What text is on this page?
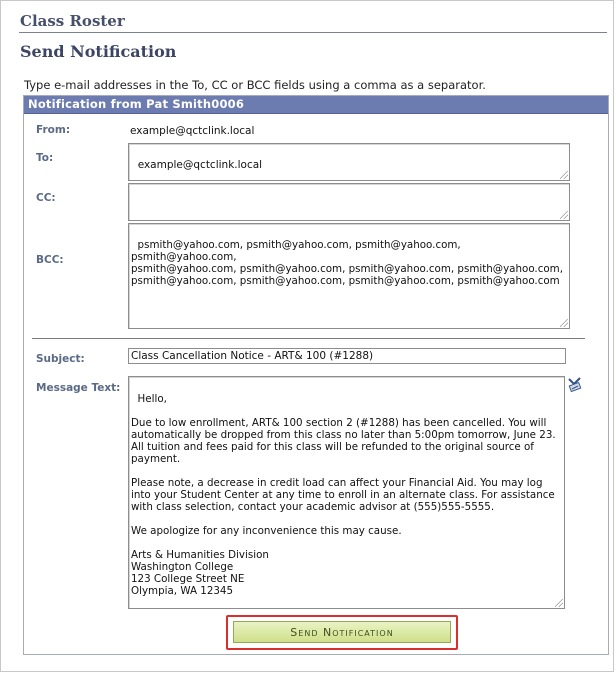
Class Roster
Send Notification
Type e-mail addresses in the To, CC or BCC fields using a comma as a separator.
Notification from Pat Smith0006
From:	example@qctclink.local
To:

example@qctclink.local

CC:

BCC:

psmith@yahoo.com, psmith@yahoo.com, psmith@yahoo.com, psmith@yahoo.com,
psmith@yahoo.com, psmith@yahoo.com, psmith@yahoo.com, psmith@yahoo.com,
psmith@yahoo.com, psmith@yahoo.com, psmith@yahoo.com, psmith@yahoo.com

Subject:	Class Cancellation Notice - ART& 100 (#1288)
Message Text:

Hello,

Due to low enrollment, ART& 100 section 2 (#1288) has been cancelled. You will
automatically be dropped from this class no later than 5:00pm tomorrow, June 23.
All tuition and fees paid for this class will be refunded to the original source of
payment.

Please note, a decrease in credit load can affect your Financial Aid. You may log
into your Student Center at any time to enroll in an alternate class. For assistance
with class selection, contact your academic advisor at (555)555-5555.

We apologize for any inconvenience this may cause.

Arts & Humanities Division
Washington College
123 College Street NE
Olympia, WA 12345

Send Notification
